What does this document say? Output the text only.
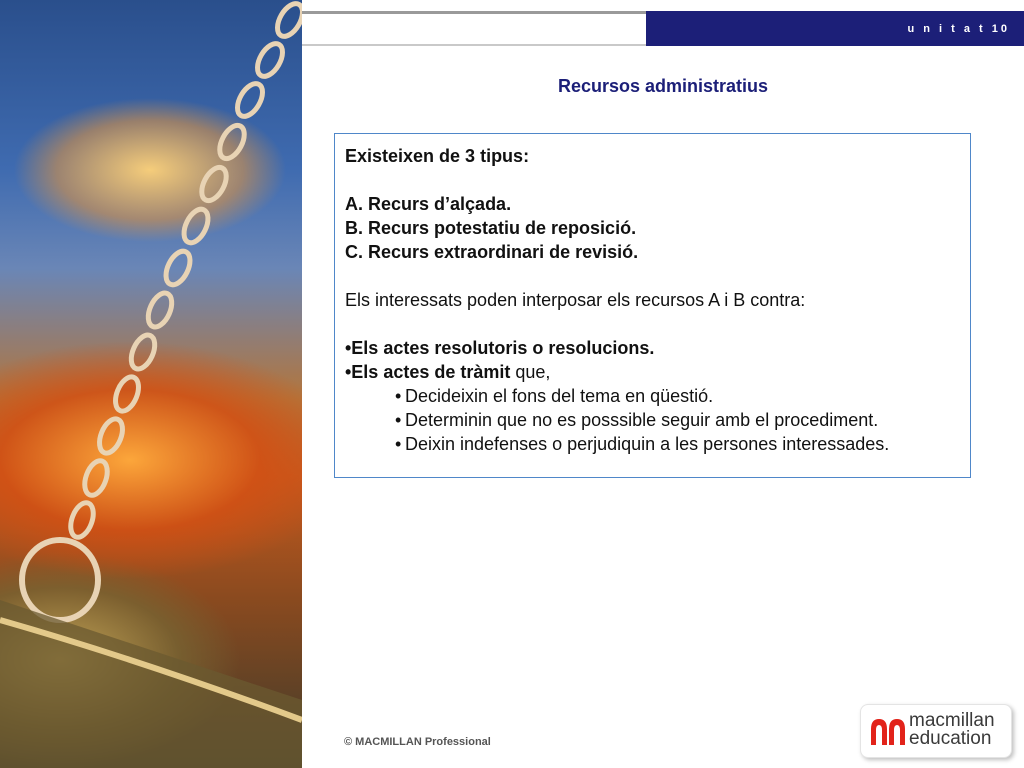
u n i t a t 10
Recursos administratius

Existeixen de 3 tipus:

A. Recurs d’alçada.

B. Recurs potestatiu de reposició.

C. Recurs extraordinari de revisió.

Els interessats poden interposar els recursos A i B contra:

•Els actes resolutoris o resolucions.

•Els actes de tràmit que,

• Decideixin el fons del tema en qüestió.
• Determinin que no es posssible seguir amb el procediment.
• Deixin indefenses o perjudiquin a les persones interessades.
© MACMILLAN Professional
macmillan
education
